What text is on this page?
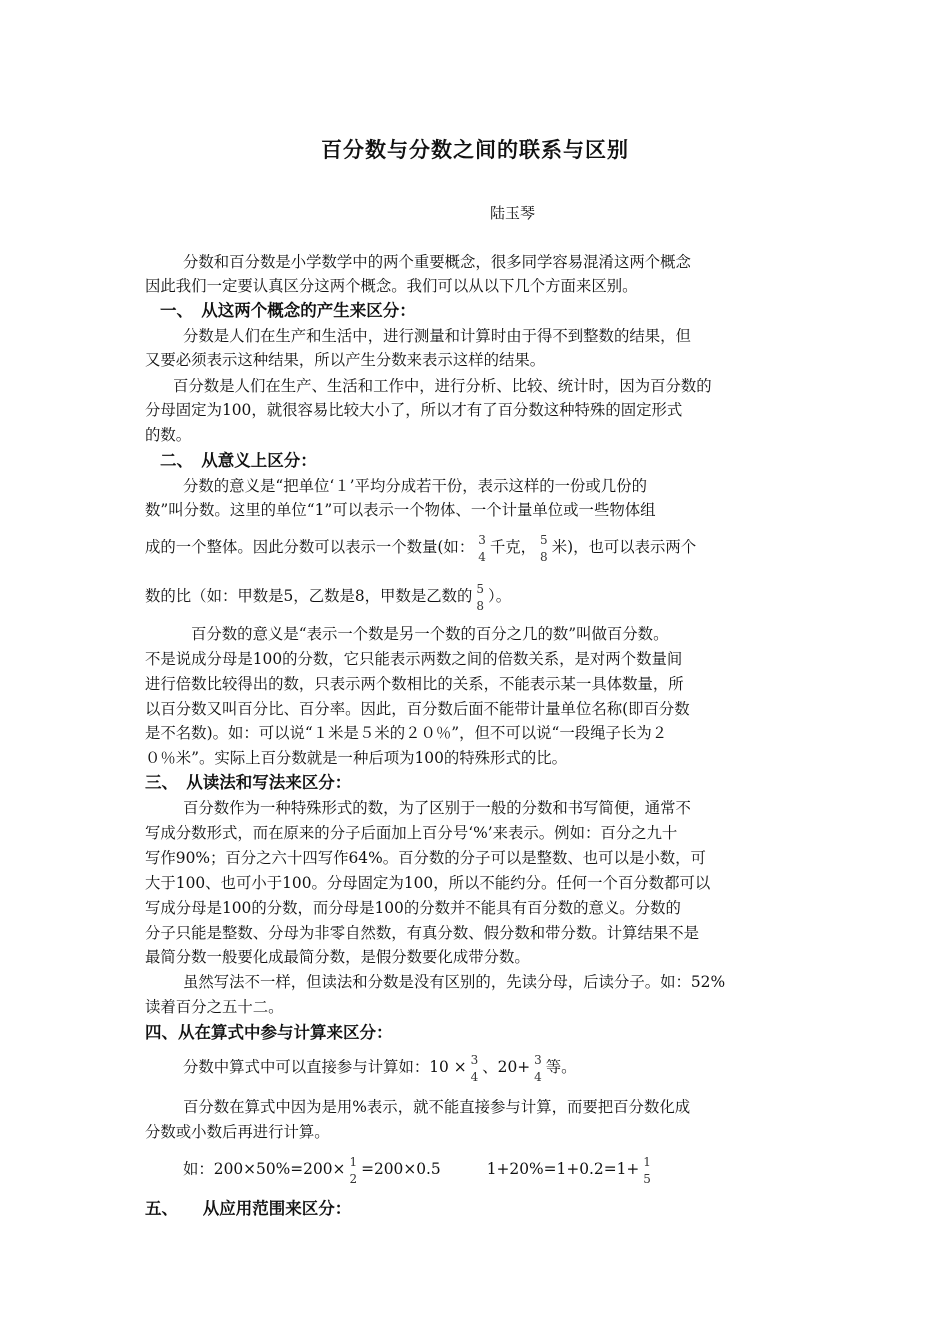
百分数与分数之间的联系与区别
陆玉琴
分数和百分数是小学数学中的两个重要概念，很多同学容易混淆这两个概念
因此我们一定要认真区分这两个概念。我们可以从以下几个方面来区别。
一、　从这两个概念的产生来区分：
分数是人们在生产和生活中，进行测量和计算时由于得不到整数的结果，但
又要必须表示这种结果，所以产生分数来表示这样的结果。
百分数是人们在生产、生活和工作中，进行分析、比较、统计时，因为百分数的
分母固定为100，就很容易比较大小了，所以才有了百分数这种特殊的固定形式
的数。
二、　从意义上区分：
分数的意义是“把单位‘１’平均分成若干份，表示这样的一份或几份的
数”叫分数。这里的单位“1”可以表示一个物体、一个计量单位或一些物体组
成的一个整体。因此分数可以表示一个数量(如： $\frac{3}{4}$ 千克， $\frac{5}{8}$ 米)，也可以表示两个
数的比（如：甲数是5，乙数是8，甲数是乙数的 $\frac{5}{8}$ ）。
百分数的意义是“表示一个数是另一个数的百分之几的数”叫做百分数。
不是说成分母是100的分数，它只能表示两数之间的倍数关系，是对两个数量间
进行倍数比较得出的数，只表示两个数相比的关系，不能表示某一具体数量，所
以百分数又叫百分比、百分率。因此，百分数后面不能带计量单位名称(即百分数
是不名数)。如：可以说“１米是５米的２０％”，但不可以说“一段绳子长为２
０％米”。实际上百分数就是一种后项为100的特殊形式的比。
三、　从读法和写法来区分：
百分数作为一种特殊形式的数，为了区别于一般的分数和书写简便，通常不
写成分数形式，而在原来的分子后面加上百分号‘%’来表示。例如：百分之九十
写作90%；百分之六十四写作64%。百分数的分子可以是整数、也可以是小数，可
大于100、也可小于100。分母固定为100，所以不能约分。任何一个百分数都可以
写成分母是100的分数，而分母是100的分数并不能具有百分数的意义。分数的
分子只能是整数、分母为非零自然数，有真分数、假分数和带分数。计算结果不是
最简分数一般要化成最简分数，是假分数要化成带分数。
虽然写法不一样，但读法和分数是没有区别的，先读分母，后读分子。如：52%
读着百分之五十二。
四、从在算式中参与计算来区分：
分数中算式中可以直接参与计算如：$10 \times \frac{3}{4}$ 、$20+ \frac{3}{4}$ 等。
百分数在算式中因为是用%表示，就不能直接参与计算，而要把百分数化成
分数或小数后再进行计算。
如：$200\times 50\%=200\times \frac{1}{2} =200\times 0.5$	$1+20\%=1+0.2=1+ \frac{1}{5}$
五、　　从应用范围来区分：
